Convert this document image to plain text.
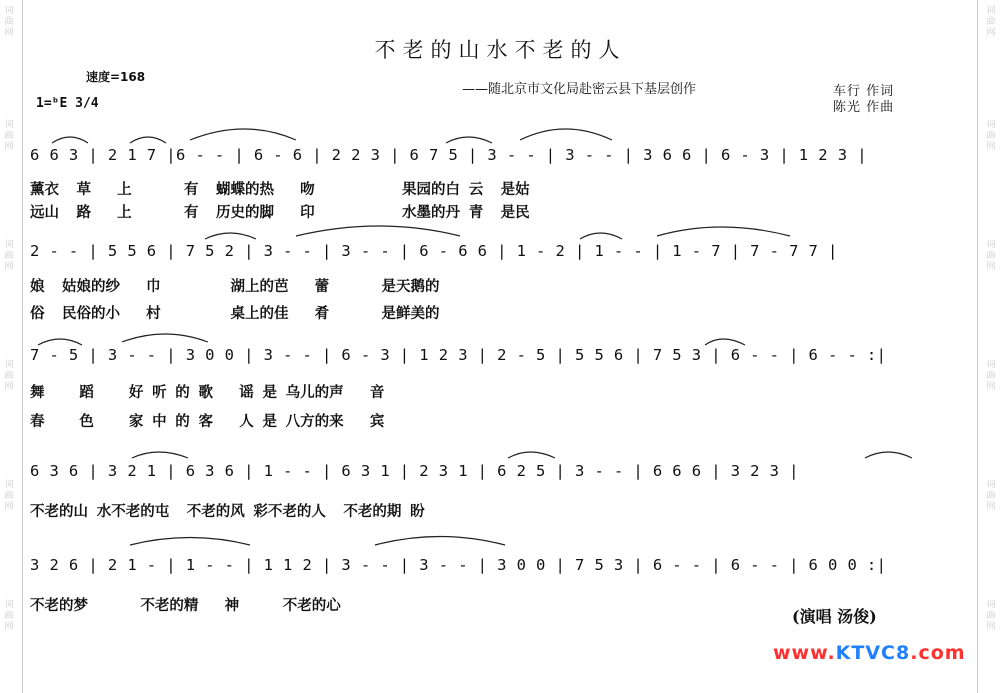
词
曲
网
词
曲
网
词
曲
网
词
曲
网
词
曲
网
词
曲
网
词
曲
网
词
曲
网
词
曲
网
词
曲
网
词
曲
网
词
曲
网
不老的山水不老的人
——随北京市文化局赴密云县下基层创作	车行 作词
陈光 作曲
速度=168
1=ᵇE 3/4
6 6 3 | 2 1 7 |6 - - | 6 - 6 | 2 2 3 | 6 7 5 | 3 - - | 3 - - | 3 6 6 | 6 - 3 | 1 2 3 |
薰衣  草   上      有  蝴蝶的热   吻          果园的白 云  是姑
远山  路   上      有  历史的脚   印          水墨的丹 青  是民
2 - - | 5 5 6 | 7 5 2 | 3 - - | 3 - - | 6 - 6 6 | 1 - 2 | 1 - - | 1 - 7 | 7 - 7 7 |
娘  姑娘的纱   巾        湖上的芭   蕾      是天鹅的
俗  民俗的小   村        桌上的佳   肴      是鲜美的
7 - 5 | 3 - - | 3 0 0 | 3 - - | 6 - 3 | 1 2 3 | 2 - 5 | 5 5 6 | 7 5 3 | 6 - - | 6 - - :|
舞    蹈    好 听 的 歌   谣 是 乌儿的声   音
春    色    家 中 的 客   人 是 八方的来   宾
6 3 6 | 3 2 1 | 6 3 6 | 1 - - | 6 3 1 | 2 3 1 | 6 2 5 | 3 - - | 6 6 6 | 3 2 3 |
不老的山 水不老的屯  不老的风 彩不老的人  不老的期 盼
3 2 6 | 2 1 - | 1 - - | 1 1 2 | 3 - - | 3 - - | 3 0 0 | 7 5 3 | 6 - - | 6 - - | 6 0 0 :|
不老的梦      不老的精   神     不老的心
(演唱 汤俊)
www.KTVC8.com
